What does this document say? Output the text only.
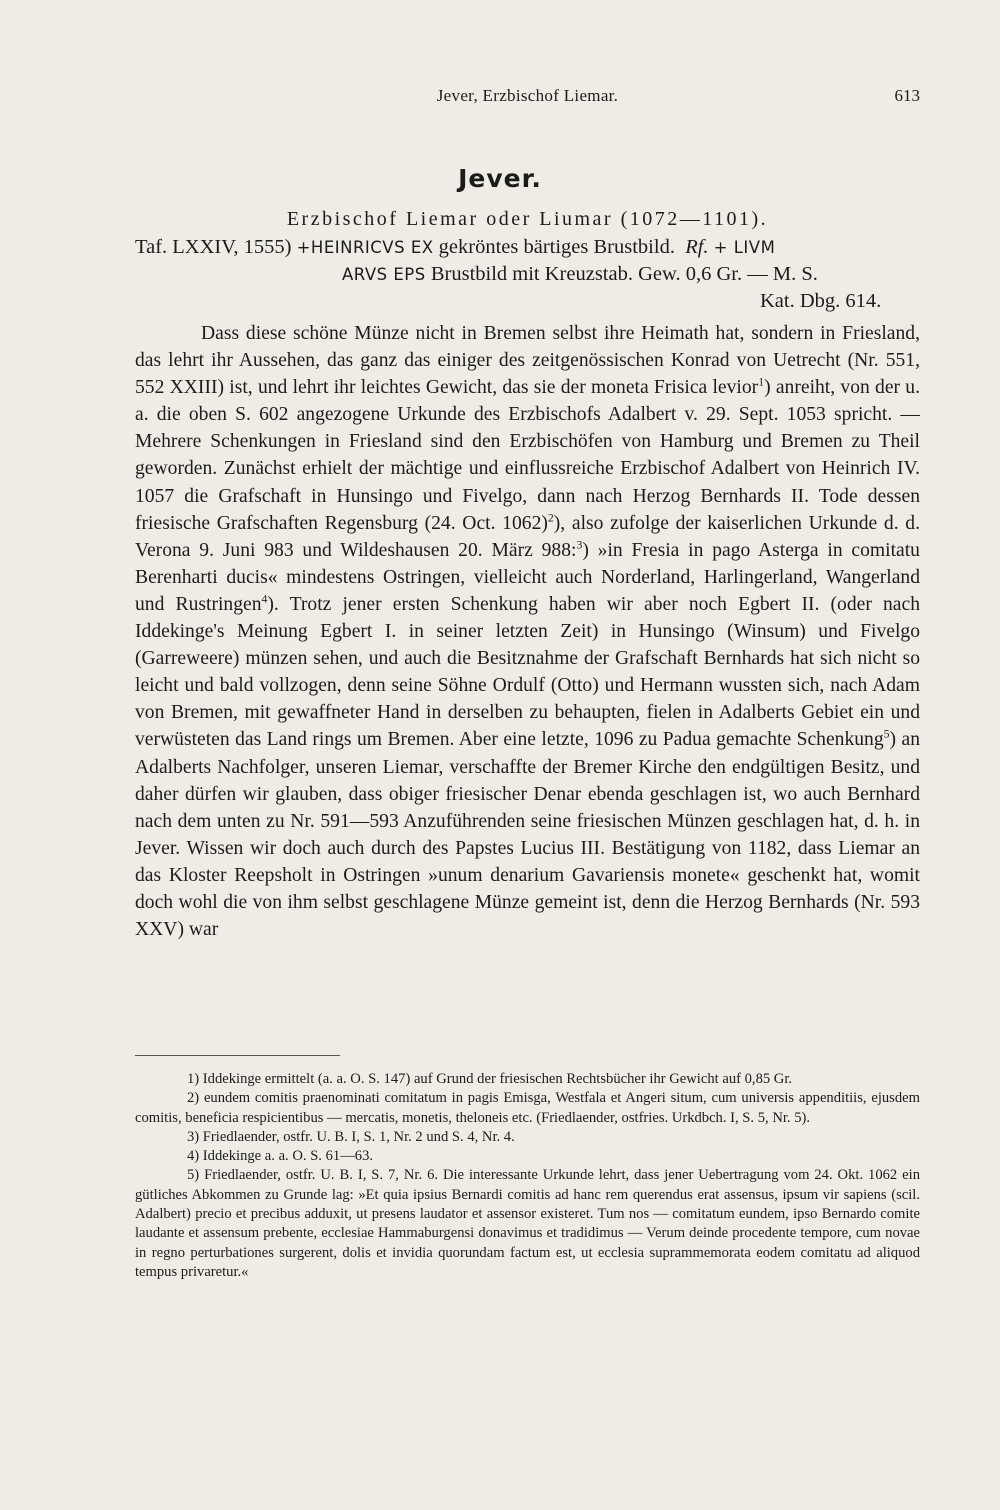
Jever, Erzbischof Liemar.	613
Jever.
Erzbischof Liemar oder Liumar (1072—1101).
Taf. LXXIV, 1555) +HEINRICVS EX gekröntes bärtiges Brustbild. Rf. + LIVM
ARVS EPS Brustbild mit Kreuzstab. Gew. 0,6 Gr. — M. S.
Kat. Dbg. 614.
Dass diese schöne Münze nicht in Bremen selbst ihre Heimath hat, sondern in Friesland, das lehrt ihr Aussehen, das ganz das einiger des zeitgenössischen Konrad von Uetrecht (Nr. 551, 552 XXIII) ist, und lehrt ihr leichtes Gewicht, das sie der moneta Frisica levior$^1$) anreiht, von der u. a. die oben S. 602 angezogene Urkunde des Erzbischofs Adalbert v. 29. Sept. 1053 spricht. — Mehrere Schenkungen in Friesland sind den Erzbischöfen von Hamburg und Bremen zu Theil geworden. Zunächst erhielt der mächtige und einflussreiche Erzbischof Adalbert von Heinrich IV. 1057 die Grafschaft in Hunsingo und Fivelgo, dann nach Herzog Bernhards II. Tode dessen friesische Grafschaften Regensburg (24. Oct. 1062)$^2$), also zufolge der kaiserlichen Urkunde d. d. Verona 9. Juni 983 und Wildeshausen 20. März 988:$^3$) »in Fresia in pago Asterga in comitatu Berenharti ducis« mindestens Ostringen, vielleicht auch Norderland, Harlingerland, Wangerland und Rustringen$^4$). Trotz jener ersten Schenkung haben wir aber noch Egbert II. (oder nach Iddekinge's Meinung Egbert I. in seiner letzten Zeit) in Hunsingo (Winsum) und Fivelgo (Garreweere) münzen sehen, und auch die Besitznahme der Grafschaft Bernhards hat sich nicht so leicht und bald vollzogen, denn seine Söhne Ordulf (Otto) und Hermann wussten sich, nach Adam von Bremen, mit gewaffneter Hand in derselben zu behaupten, fielen in Adalberts Gebiet ein und verwüsteten das Land rings um Bremen. Aber eine letzte, 1096 zu Padua gemachte Schenkung$^5$) an Adalberts Nachfolger, unseren Liemar, verschaffte der Bremer Kirche den endgültigen Besitz, und daher dürfen wir glauben, dass obiger friesischer Denar ebenda geschlagen ist, wo auch Bernhard nach dem unten zu Nr. 591—593 Anzuführenden seine friesischen Münzen geschlagen hat, d. h. in Jever. Wissen wir doch auch durch des Papstes Lucius III. Bestätigung von 1182, dass Liemar an das Kloster Reepsholt in Ostringen »unum denarium Gavariensis monete« geschenkt hat, womit doch wohl die von ihm selbst geschlagene Münze gemeint ist, denn die Herzog Bernhards (Nr. 593 XXV) war

1) Iddekinge ermittelt (a. a. O. S. 147) auf Grund der friesischen Rechtsbücher ihr Gewicht auf 0,85 Gr.

2) eundem comitis praenominati comitatum in pagis Emisga, Westfala et Angeri situm, cum universis appenditiis, ejusdem comitis, beneficia respicientibus — mercatis, monetis, theloneis etc. (Friedlaender, ostfries. Urkdbch. I, S. 5, Nr. 5).

3) Friedlaender, ostfr. U. B. I, S. 1, Nr. 2 und S. 4, Nr. 4.

4) Iddekinge a. a. O. S. 61—63.

5) Friedlaender, ostfr. U. B. I, S. 7, Nr. 6. Die interessante Urkunde lehrt, dass jener Uebertragung vom 24. Okt. 1062 ein gütliches Abkommen zu Grunde lag: »Et quia ipsius Bernardi comitis ad hanc rem querendus erat assensus, ipsum vir sapiens (scil. Adalbert) precio et precibus adduxit, ut presens laudator et assensor existeret. Tum nos — comitatum eundem, ipso Bernardo comite laudante et assensum prebente, ecclesiae Hammaburgensi donavimus et tradidimus — Verum deinde procedente tempore, cum novae in regno perturbationes surgerent, dolis et invidia quorundam factum est, ut ecclesia suprammemorata eodem comitatu ad aliquod tempus privaretur.«
